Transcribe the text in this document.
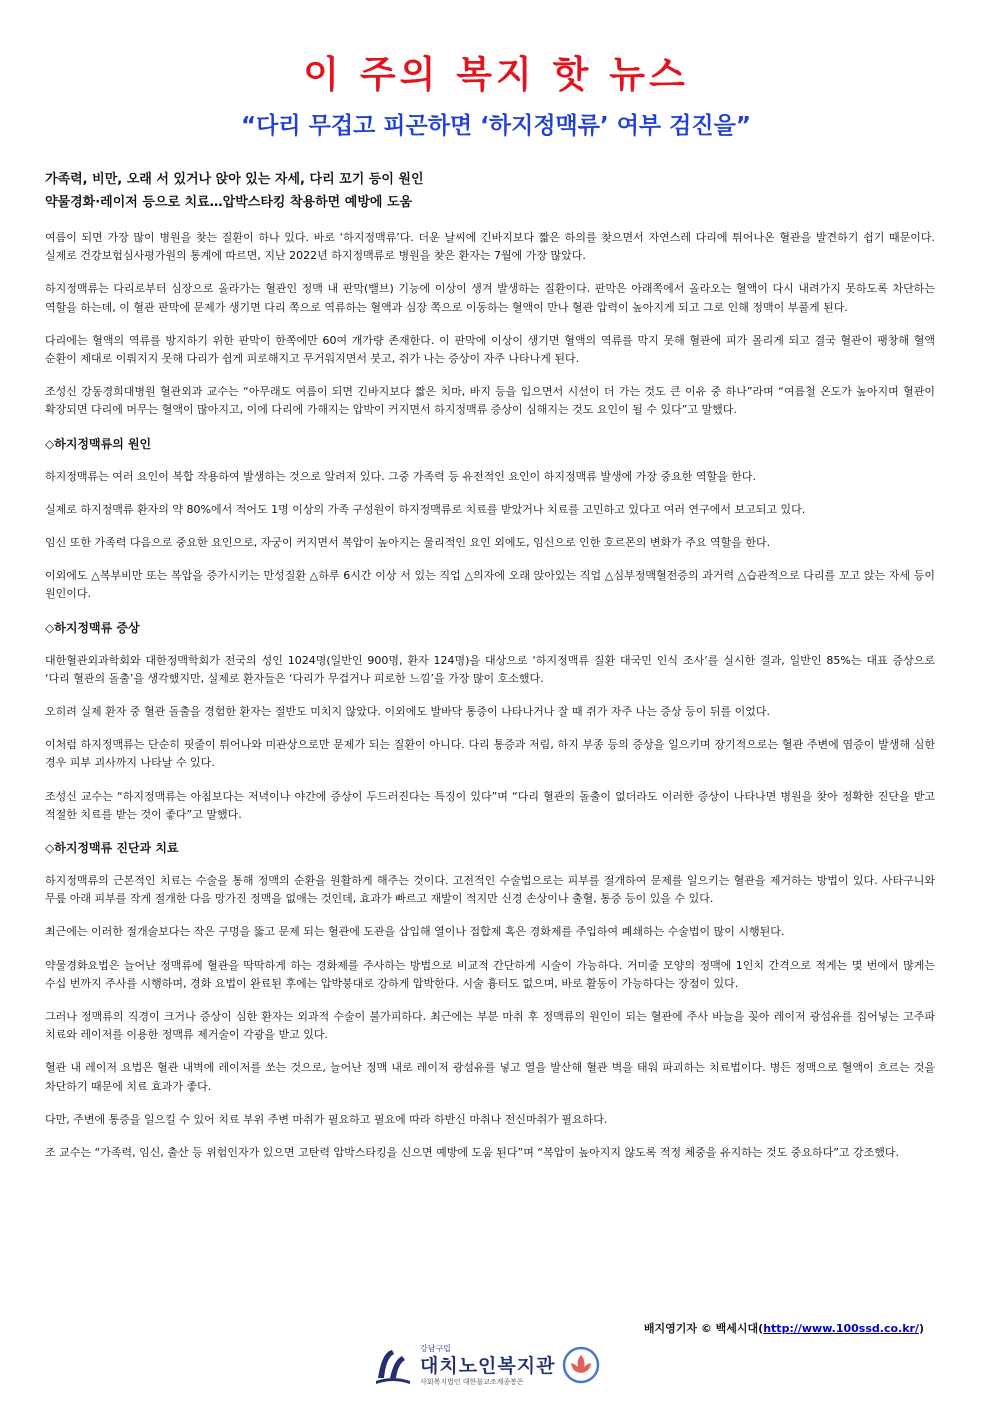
이 주의 복지 핫 뉴스
“다리 무겁고 피곤하면 ‘하지정맥류’ 여부 검진을”
가족력, 비만, 오래 서 있거나 앉아 있는 자세, 다리 꼬기 등이 원인
약물경화·레이저 등으로 치료…압박스타킹 착용하면 예방에 도움

여름이 되면 가장 많이 병원을 찾는 질환이 하나 있다. 바로 ‘하지정맥류’다. 더운 날씨에 긴바지보다 짧은 하의를 찾으면서 자연스레 다리에 튀어나온 혈관을 발견하기 쉽기 때문이다. 실제로 건강보험심사평가원의 통계에 따르면, 지난 2022년 하지정맥류로 병원을 찾은 환자는 7월에 가장 많았다.

하지정맥류는 다리로부터 심장으로 올라가는 혈관인 정맥 내 판막(밸브) 기능에 이상이 생겨 발생하는 질환이다. 판막은 아래쪽에서 올라오는 혈액이 다시 내려가지 못하도록 차단하는 역할을 하는데, 이 혈관 판막에 문제가 생기면 다리 쪽으로 역류하는 혈액과 심장 쪽으로 이동하는 혈액이 만나 혈관 압력이 높아지게 되고 그로 인해 정맥이 부풀게 된다.

다리에는 혈액의 역류를 방지하기 위한 판막이 한쪽에만 60여 개가량 존재한다. 이 판막에 이상이 생기면 혈액의 역류를 막지 못해 혈관에 피가 몰리게 되고 결국 혈관이 팽창해 혈액 순환이 제대로 이뤄지지 못해 다리가 쉽게 피로해지고 무거워지면서 붓고, 쥐가 나는 증상이 자주 나타나게 된다.

조성신 강동경희대병원 혈관외과 교수는 “아무래도 여름이 되면 긴바지보다 짧은 치마, 바지 등을 입으면서 시선이 더 가는 것도 큰 이유 중 하나”라며 “여름철 온도가 높아지며 혈관이 확장되면 다리에 머무는 혈액이 많아지고, 이에 다리에 가해지는 압박이 커지면서 하지정맥류 증상이 심해지는 것도 요인이 될 수 있다”고 말했다.

◇하지정맥류의 원인

하지정맥류는 여러 요인이 복합 작용하여 발생하는 것으로 알려져 있다. 그중 가족력 등 유전적인 요인이 하지정맥류 발생에 가장 중요한 역할을 한다.

실제로 하지정맥류 환자의 약 80%에서 적어도 1명 이상의 가족 구성원이 하지정맥류로 치료를 받았거나 치료를 고민하고 있다고 여러 연구에서 보고되고 있다.

임신 또한 가족력 다음으로 중요한 요인으로, 자궁이 커지면서 복압이 높아지는 물리적인 요인 외에도, 임신으로 인한 호르몬의 변화가 주요 역할을 한다.

이외에도 △복부비만 또는 복압을 증가시키는 만성질환 △하루 6시간 이상 서 있는 직업 △의자에 오래 앉아있는 직업 △심부정맥혈전증의 과거력 △습관적으로 다리를 꼬고 앉는 자세 등이 원인이다.

◇하지정맥류 증상

대한혈관외과학회와 대한정맥학회가 전국의 성인 1024명(일반인 900명, 환자 124명)을 대상으로 ‘하지정맥류 질환 대국민 인식 조사’를 실시한 결과, 일반인 85%는 대표 증상으로 ‘다리 혈관의 돌출’을 생각했지만, 실제로 환자들은 ‘다리가 무겁거나 피로한 느낌’을 가장 많이 호소했다.

오히려 실제 환자 중 혈관 돌출을 경험한 환자는 절반도 미치지 않았다. 이외에도 발바닥 통증이 나타나거나 잘 때 쥐가 자주 나는 증상 등이 뒤를 이었다.

이처럼 하지정맥류는 단순히 핏줄이 튀어나와 미관상으로만 문제가 되는 질환이 아니다. 다리 통증과 저림, 하지 부종 등의 증상을 일으키며 장기적으로는 혈관 주변에 염증이 발생해 심한 경우 피부 괴사까지 나타날 수 있다.

조성신 교수는 “하지정맥류는 아침보다는 저녁이나 야간에 증상이 두드러진다는 특징이 있다”며 “다리 혈관의 돌출이 없더라도 이러한 증상이 나타나면 병원을 찾아 정확한 진단을 받고 적절한 치료를 받는 것이 좋다”고 말했다.

◇하지정맥류 진단과 치료

하지정맥류의 근본적인 치료는 수술을 통해 정맥의 순환을 원활하게 해주는 것이다. 고전적인 수술법으로는 피부를 절개하여 문제를 일으키는 혈관을 제거하는 방법이 있다. 사타구니와 무릎 아래 피부를 작게 절개한 다음 망가진 정맥을 없애는 것인데, 효과가 빠르고 재발이 적지만 신경 손상이나 출혈, 통증 등이 있을 수 있다.

최근에는 이러한 절개술보다는 작은 구멍을 뚫고 문제 되는 혈관에 도관을 삽입해 열이나 접합제 혹은 경화제를 주입하여 폐쇄하는 수술법이 많이 시행된다.

약물경화요법은 늘어난 정맥류에 혈관을 딱딱하게 하는 경화제를 주사하는 방법으로 비교적 간단하게 시술이 가능하다. 거미줄 모양의 정맥에 1인치 간격으로 적게는 몇 번에서 많게는 수십 번까지 주사를 시행하며, 경화 요법이 완료된 후에는 압박붕대로 강하게 압박한다. 시술 흉터도 없으며, 바로 활동이 가능하다는 장점이 있다.

그러나 정맥류의 직경이 크거나 증상이 심한 환자는 외과적 수술이 불가피하다. 최근에는 부분 마취 후 정맥류의 원인이 되는 혈관에 주사 바늘을 꽂아 레이저 광섬유를 집어넣는 고주파 치료와 레이저를 이용한 정맥류 제거술이 각광을 받고 있다.

혈관 내 레이저 요법은 혈관 내벽에 레이저를 쏘는 것으로, 늘어난 정맥 내로 레이저 광섬유를 넣고 열을 발산해 혈관 벽을 태워 파괴하는 치료법이다. 병든 정맥으로 혈액이 흐르는 것을 차단하기 때문에 치료 효과가 좋다.

다만, 주변에 통증을 일으킬 수 있어 치료 부위 주변 마취가 필요하고 필요에 따라 하반신 마취나 전신마취가 필요하다.

조 교수는 “가족력, 임신, 출산 등 위험인자가 있으면 고탄력 압박스타킹을 신으면 예방에 도움 된다”며 “복압이 높아지지 않도록 적정 체중을 유지하는 것도 중요하다”고 강조했다.

배지영기자 © 백세시대(http://www.100ssd.co.kr/)
강남구립
대치노인복지관
사회복지법인 대한불교조계종봉은
